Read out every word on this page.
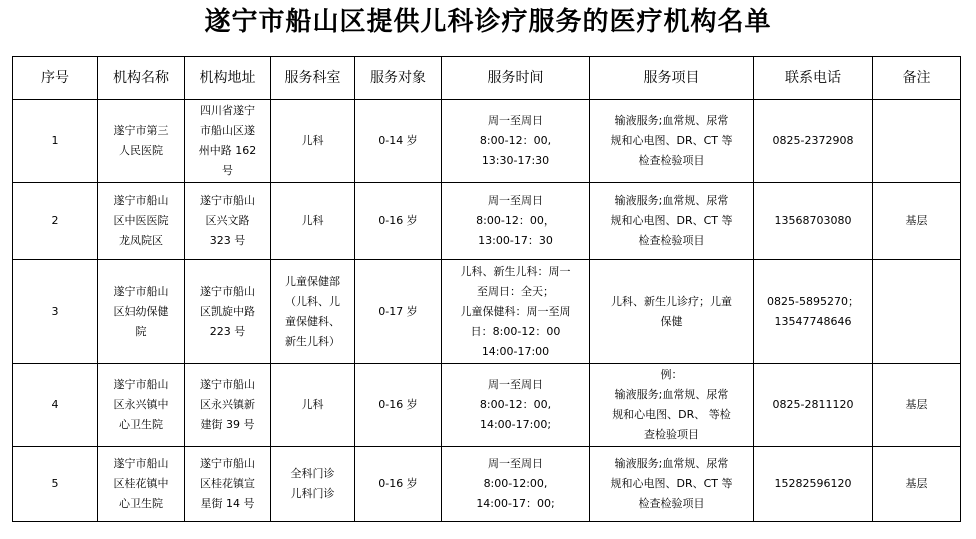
遂宁市船山区提供儿科诊疗服务的医疗机构名单
序号	机构名称	机构地址	服务科室	服务对象	服务时间	服务项目	联系电话	备注
1	遂宁市第三
人民医院	四川省遂宁
市船山区遂
州中路 162
号	儿科	0-14 岁	周一至周日
8:00-12：00,
13:30-17:30	输液服务;血常规、尿常
规和心电图、DR、CT 等
检查检验项目	0825-2372908	
2	遂宁市船山
区中医医院
龙凤院区	遂宁市船山
区兴文路
323 号	儿科	0-16 岁	周一至周日
8:00-12：00，
13:00-17：30	输液服务;血常规、尿常
规和心电图、DR、CT 等
检查检验项目	13568703080	基层
3	遂宁市船山
区妇幼保健
院	遂宁市船山
区凯旋中路
223 号	儿童保健部
（儿科、儿
童保健科、
新生儿科）	0-17 岁	儿科、新生儿科：周一
至周日：全天；
儿童保健科：周一至周
日：8:00-12：00
14:00-17:00	儿科、新生儿诊疗；儿童
保健	0825-5895270；
13547748646	
4	遂宁市船山
区永兴镇中
心卫生院	遂宁市船山
区永兴镇新
建街 39 号	儿科	0-16 岁	周一至周日
8:00-12：00,
14:00-17:00;	例：
输液服务;血常规、尿常
规和心电图、DR、 等检
查检验项目	0825-2811120	基层
5	遂宁市船山
区桂花镇中
心卫生院	遂宁市船山
区桂花镇宣
星街 14 号	全科门诊
儿科门诊	0-16 岁	周一至周日
8:00-12:00,
14:00-17：00;	输液服务;血常规、尿常
规和心电图、DR、CT 等
检查检验项目	15282596120	基层
